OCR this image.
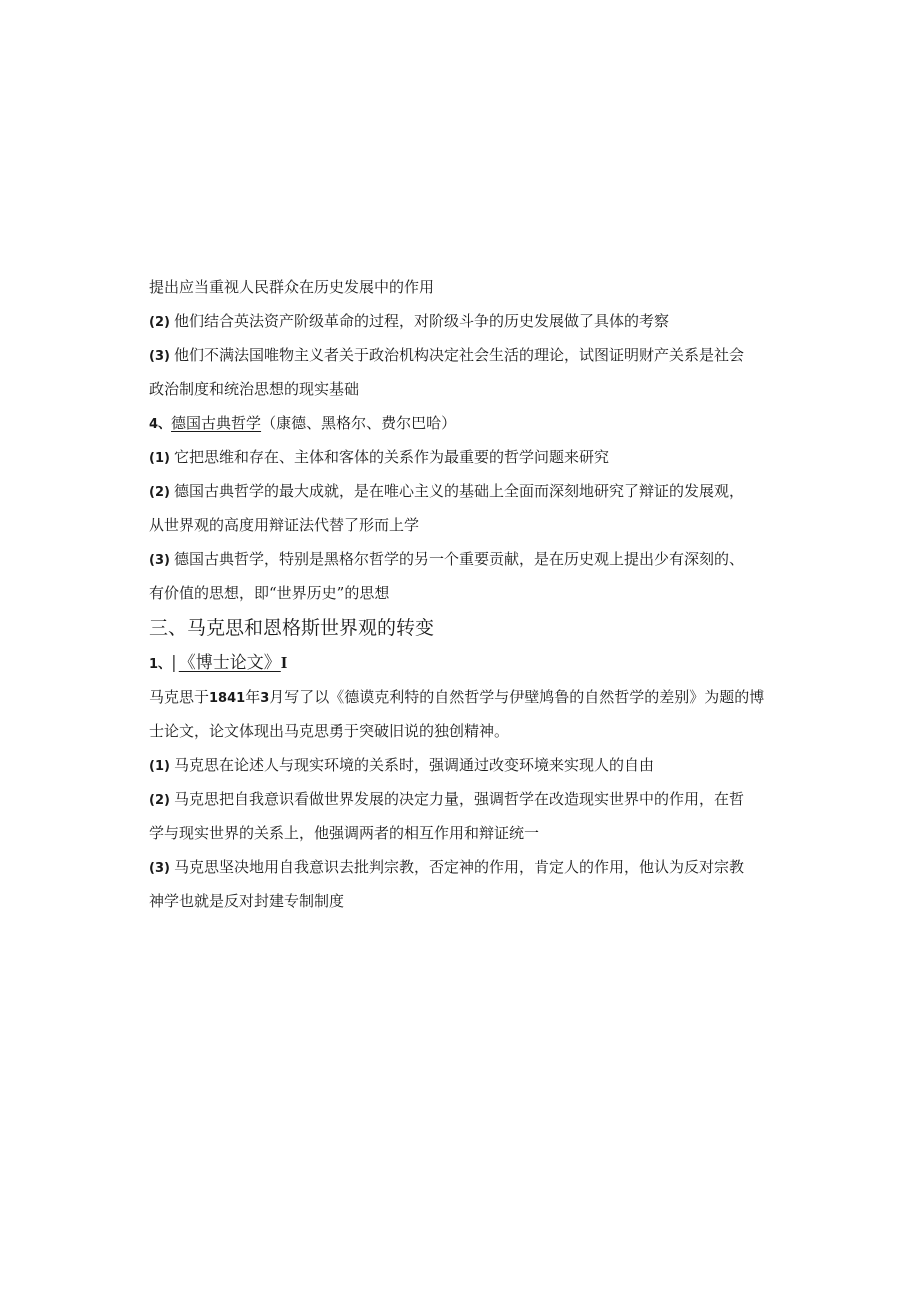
提出应当重视人民群众在历史发展中的作用
(2) 他们结合英法资产阶级革命的过程，对阶级斗争的历史发展做了具体的考察
(3) 他们不满法国唯物主义者关于政治机构决定社会生活的理论，试图证明财产关系是社会
政治制度和统治思想的现实基础
4、德国古典哲学（康德、黑格尔、费尔巴哈）
(1) 它把思维和存在、主体和客体的关系作为最重要的哲学问题来研究
(2) 德国古典哲学的最大成就，是在唯心主义的基础上全面而深刻地研究了辩证的发展观，
从世界观的高度用辩证法代替了形而上学
(3) 德国古典哲学，特别是黑格尔哲学的另一个重要贡献，是在历史观上提出少有深刻的、
有价值的思想，即“世界历史”的思想
三、马克思和恩格斯世界观的转变
1、| 《博士论文》I
马克思于1841年3月写了以《德谟克利特的自然哲学与伊壁鸠鲁的自然哲学的差别》为题的博
士论文，论文体现出马克思勇于突破旧说的独创精神。
(1) 马克思在论述人与现实环境的关系时，强调通过改变环境来实现人的自由
(2) 马克思把自我意识看做世界发展的决定力量，强调哲学在改造现实世界中的作用，在哲
学与现实世界的关系上，他强调两者的相互作用和辩证统一
(3) 马克思坚决地用自我意识去批判宗教，否定神的作用，肯定人的作用，他认为反对宗教
神学也就是反对封建专制制度
